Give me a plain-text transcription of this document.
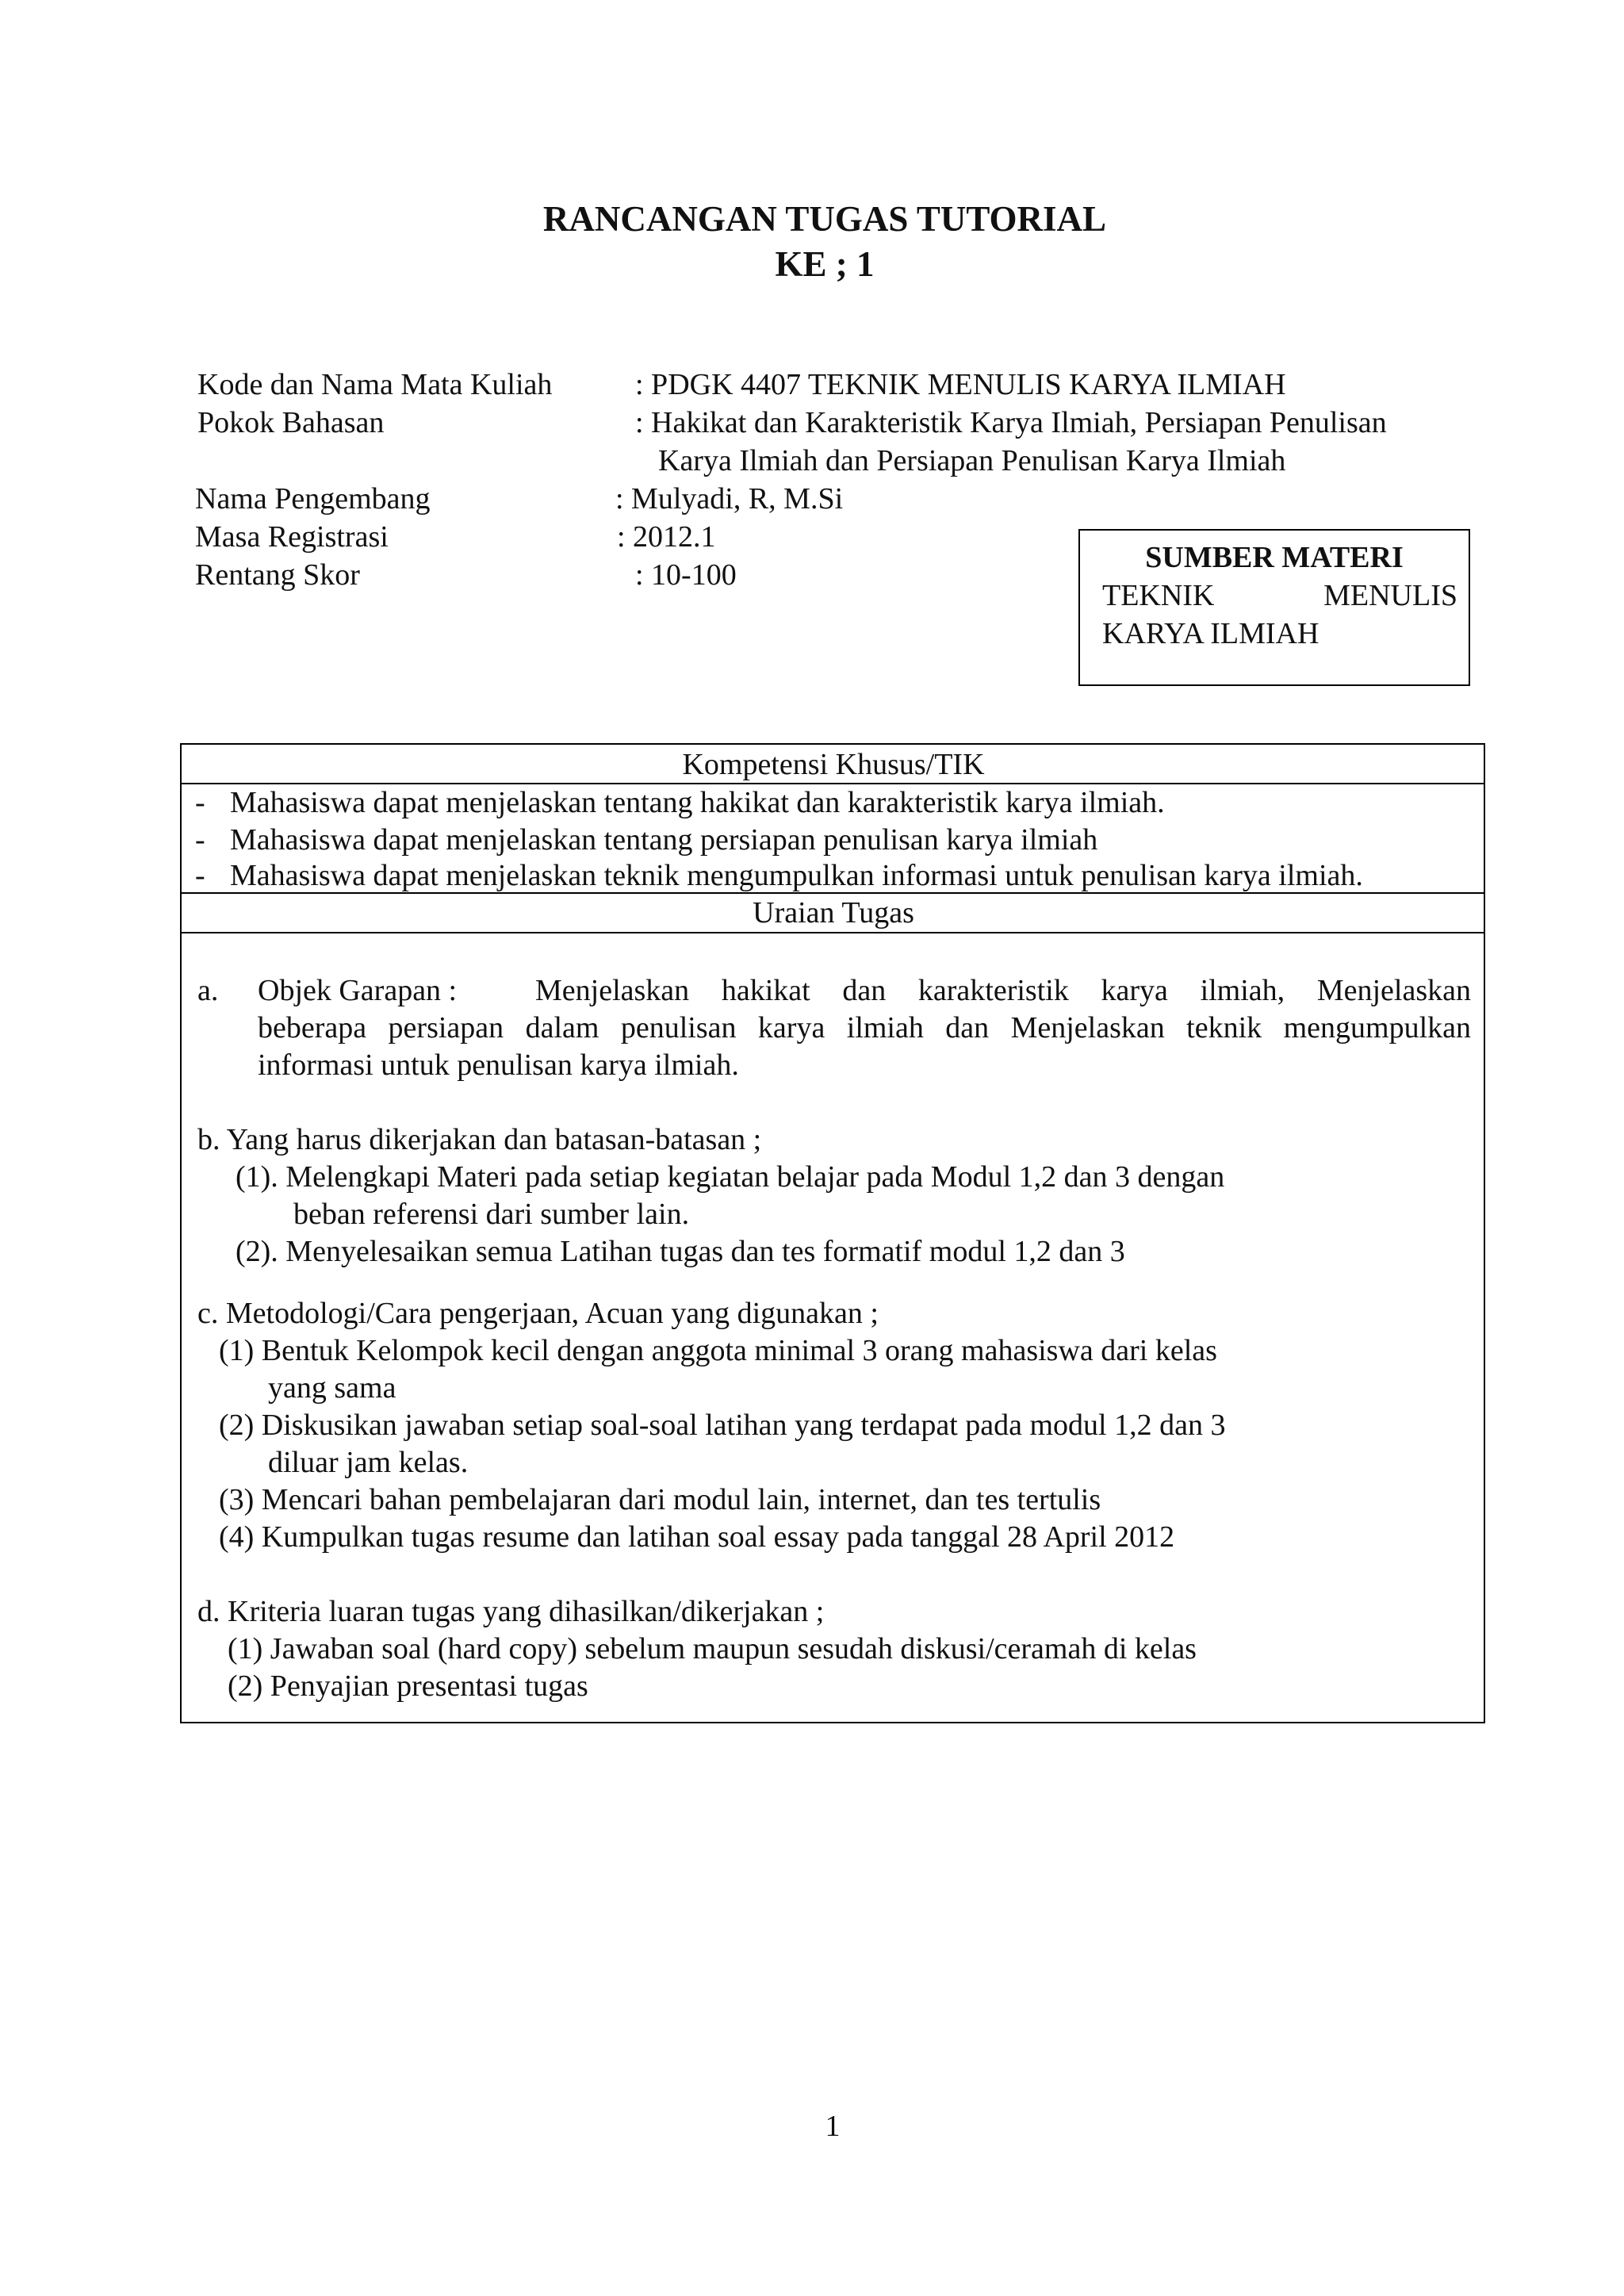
RANCANGAN TUGAS TUTORIAL
KE ; 1
Kode dan Nama Mata Kuliah	: PDGK 4407 TEKNIK MENULIS KARYA ILMIAH
Pokok Bahasan	: Hakikat dan Karakteristik Karya Ilmiah, Persiapan Penulisan
Karya Ilmiah dan Persiapan Penulisan Karya Ilmiah
Nama Pengembang	: Mulyadi, R, M.Si
Masa Registrasi	: 2012.1
Rentang Skor	: 10-100
SUMBER MATERI
TEKNIK	MENULIS
KARYA ILMIAH
Kompetensi Khusus/TIK
- Mahasiswa dapat menjelaskan tentang hakikat dan karakteristik karya ilmiah.
- Mahasiswa dapat menjelaskan tentang persiapan penulisan karya ilmiah
- Mahasiswa dapat menjelaskan teknik mengumpulkan informasi untuk penulisan karya ilmiah.
Uraian Tugas
a. Objek Garapan :	Menjelaskan hakikat dan karakteristik karya ilmiah, Menjelaskan
beberapa persiapan dalam penulisan karya ilmiah dan Menjelaskan teknik mengumpulkan
informasi untuk penulisan karya ilmiah.
b. Yang harus dikerjakan dan batasan-batasan ;
(1). Melengkapi Materi pada setiap kegiatan belajar pada Modul 1,2 dan 3 dengan
beban referensi dari sumber lain.
(2). Menyelesaikan semua Latihan tugas dan tes formatif modul 1,2 dan 3
c. Metodologi/Cara pengerjaan, Acuan yang digunakan ;
(1) Bentuk Kelompok kecil dengan anggota minimal 3 orang mahasiswa dari kelas
yang sama
(2) Diskusikan jawaban setiap soal-soal latihan yang terdapat pada modul 1,2 dan 3
diluar jam kelas.
(3) Mencari bahan pembelajaran dari modul lain, internet, dan tes tertulis
(4) Kumpulkan tugas resume dan latihan soal essay pada tanggal 28 April 2012
d. Kriteria luaran tugas yang dihasilkan/dikerjakan ;
(1) Jawaban soal (hard copy) sebelum maupun sesudah diskusi/ceramah di kelas
(2) Penyajian presentasi tugas
1
